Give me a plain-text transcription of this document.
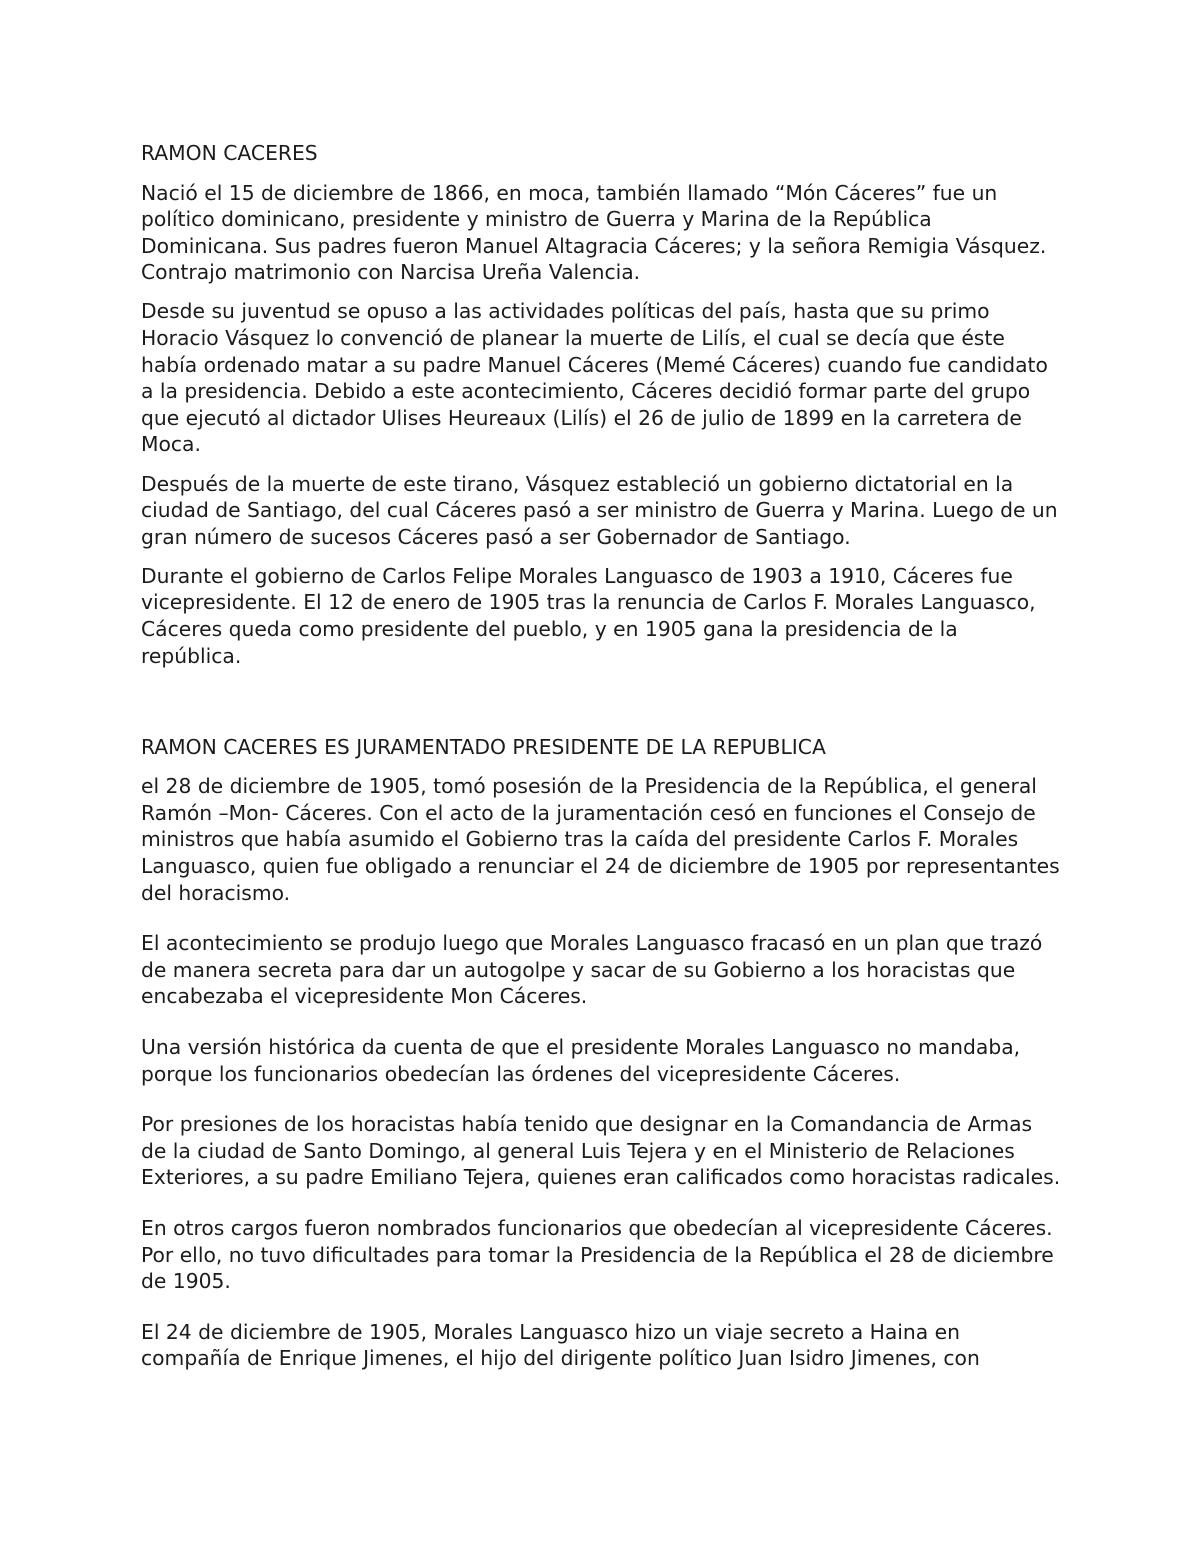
RAMON CACERES

Nació el 15 de diciembre de 1866, en moca, también llamado “Món Cáceres” fue un político dominicano, presidente y ministro de Guerra y Marina de la República Dominicana. Sus padres fueron Manuel Altagracia Cáceres; y la señora Remigia Vásquez. Contrajo matrimonio con Narcisa Ureña Valencia.

Desde su juventud se opuso a las actividades políticas del país, hasta que su primo Horacio Vásquez lo convenció de planear la muerte de Lilís, el cual se decía que éste había ordenado matar a su padre Manuel Cáceres (Memé Cáceres) cuando fue candidato a la presidencia. Debido a este acontecimiento, Cáceres decidió formar parte del grupo que ejecutó al dictador Ulises Heureaux (Lilís) el 26 de julio de 1899 en la carretera de Moca.

Después de la muerte de este tirano, Vásquez estableció un gobierno dictatorial en la ciudad de Santiago, del cual Cáceres pasó a ser ministro de Guerra y Marina. Luego de un gran número de sucesos Cáceres pasó a ser Gobernador de Santiago.

Durante el gobierno de Carlos Felipe Morales Languasco de 1903 a 1910, Cáceres fue vicepresidente. El 12 de enero de 1905 tras la renuncia de Carlos F. Morales Languasco, Cáceres queda como presidente del pueblo, y en 1905 gana la presidencia de la república.

RAMON CACERES ES JURAMENTADO PRESIDENTE DE LA REPUBLICA

el 28 de diciembre de 1905, tomó posesión de la Presidencia de la República, el general Ramón –Mon- Cáceres. Con el acto de la juramentación cesó en funciones el Consejo de ministros que había asumido el Gobierno tras la caída del presidente Carlos F. Morales Languasco, quien fue obligado a renunciar el 24 de diciembre de 1905 por representantes del horacismo.

El acontecimiento se produjo luego que Morales Languasco fracasó en un plan que trazó de manera secreta para dar un autogolpe y sacar de su Gobierno a los horacistas que encabezaba el vicepresidente Mon Cáceres.

Una versión histórica da cuenta de que el presidente Morales Languasco no mandaba, porque los funcionarios obedecían las órdenes del vicepresidente Cáceres.

Por presiones de los horacistas había tenido que designar en la Comandancia de Armas de la ciudad de Santo Domingo, al general Luis Tejera y en el Ministerio de Relaciones Exteriores, a su padre Emiliano Tejera, quienes eran calificados como horacistas radicales.

En otros cargos fueron nombrados funcionarios que obedecían al vicepresidente Cáceres. Por ello, no tuvo dificultades para tomar la Presidencia de la República el 28 de diciembre de 1905.

El 24 de diciembre de 1905, Morales Languasco hizo un viaje secreto a Haina en compañía de Enrique Jimenes, el hijo del dirigente político Juan Isidro Jimenes, con
